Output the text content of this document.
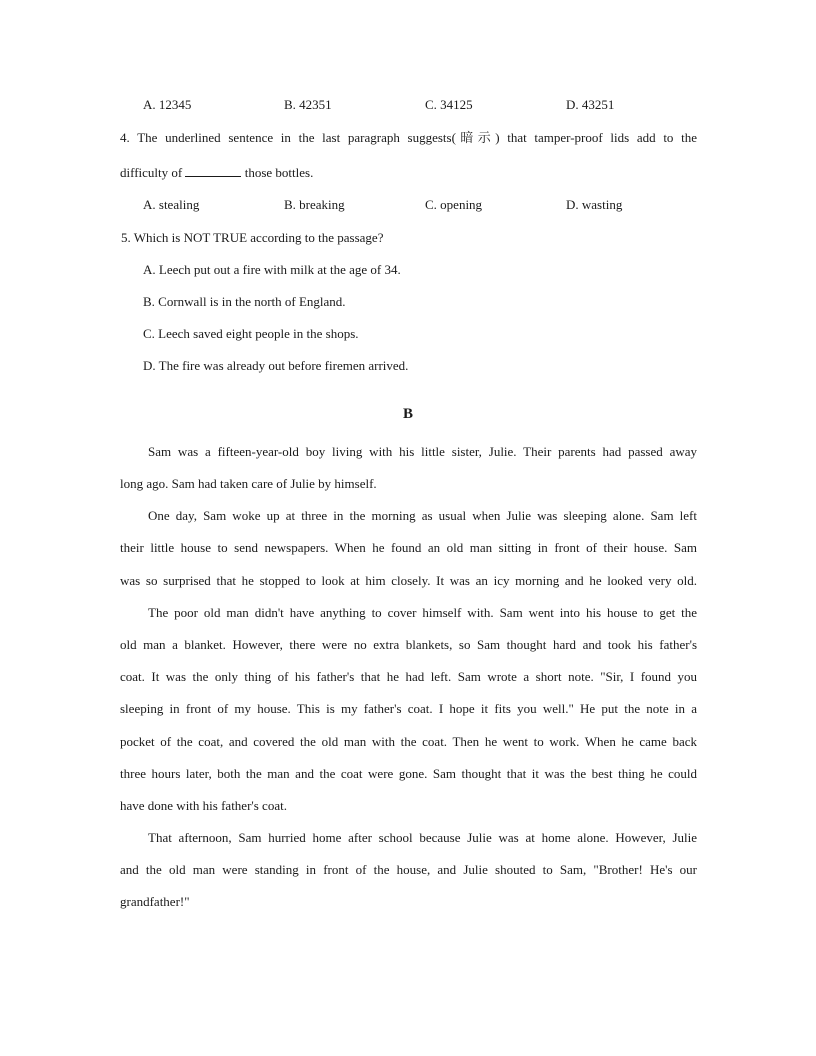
A. 12345	B. 42351	C. 34125	D. 43251
4. The underlined sentence in the last paragraph suggests(暗示) that tamper-proof lids add to the
difficulty of	those bottles.
A. stealing	B. breaking	C. opening	D. wasting
5. Which is NOT TRUE according to the passage?
A. Leech put out a fire with milk at the age of 34.
B. Cornwall is in the north of England.
C. Leech saved eight people in the shops.
D. The fire was already out before firemen arrived.
B
Sam was a fifteen-year-old boy living with his little sister, Julie. Their parents had passed away
long ago. Sam had taken care of Julie by himself.
One day, Sam woke up at three in the morning as usual when Julie was sleeping alone. Sam left
their little house to send newspapers. When he found an old man sitting in front of their house. Sam
was so surprised that he stopped to look at him closely. It was an icy morning and he looked very old.
The poor old man didn't have anything to cover himself with. Sam went into his house to get the
old man a blanket. However, there were no extra blankets, so Sam thought hard and took his father's
coat. It was the only thing of his father's that he had left. Sam wrote a short note. "Sir, I found you
sleeping in front of my house. This is my father's coat. I hope it fits you well." He put the note in a
pocket of the coat, and covered the old man with the coat. Then he went to work. When he came back
three hours later, both the man and the coat were gone. Sam thought that it was the best thing he could
have done with his father's coat.
That afternoon, Sam hurried home after school because Julie was at home alone. However, Julie
and the old man were standing in front of the house, and Julie shouted to Sam, "Brother! He's our
grandfather!"
